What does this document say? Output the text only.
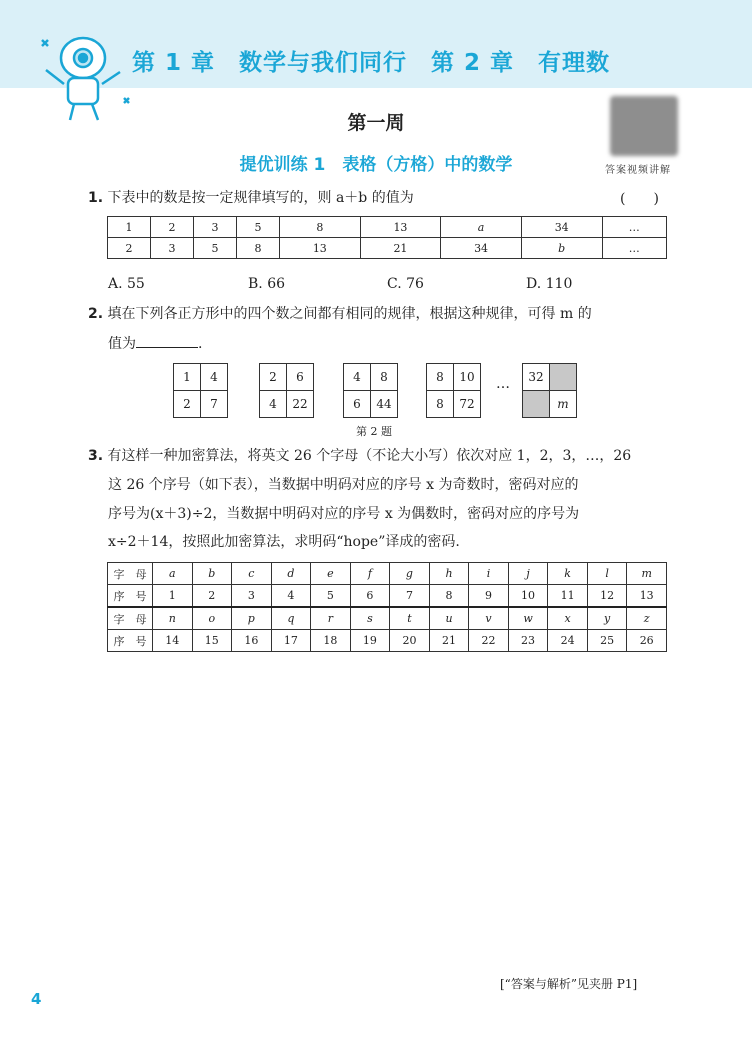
第 1 章　数学与我们同行　第 2 章　有理数
第一周
答案视频讲解
提优训练 1　表格（方格）中的数学
1. 下表中的数是按一定规律填写的，则 a＋b 的值为	(　　)
1	2	3	5	8	13	a	34	…
2	3	5	8	13	21	34	b	…
A. 55	B. 66	C. 76	D. 110
2. 填在下列各正方形中的四个数之间都有相同的规律，根据这种规律，可得 m 的
值为	.
1	4
2	7
2	6
4	22
4	8
6	44
8	10
8	72
… 32	
	m
第 2 题
3. 有这样一种加密算法，将英文 26 个字母（不论大小写）依次对应 1，2，3，…，26
这 26 个序号（如下表），当数据中明码对应的序号 x 为奇数时，密码对应的
序号为(x＋3)÷2，当数据中明码对应的序号 x 为偶数时，密码对应的序号为
x÷2＋14，按照此加密算法，求明码“hope”译成的密码.
字　母	a	b	c	d	e	f	g	h	i	j	k	l	m
序　号	1	2	3	4	5	6	7	8	9	10	11	12	13
字　母	n	o	p	q	r	s	t	u	v	w	x	y	z
序　号	14	15	16	17	18	19	20	21	22	23	24	25	26
[“答案与解析”见夹册 P1]
4
